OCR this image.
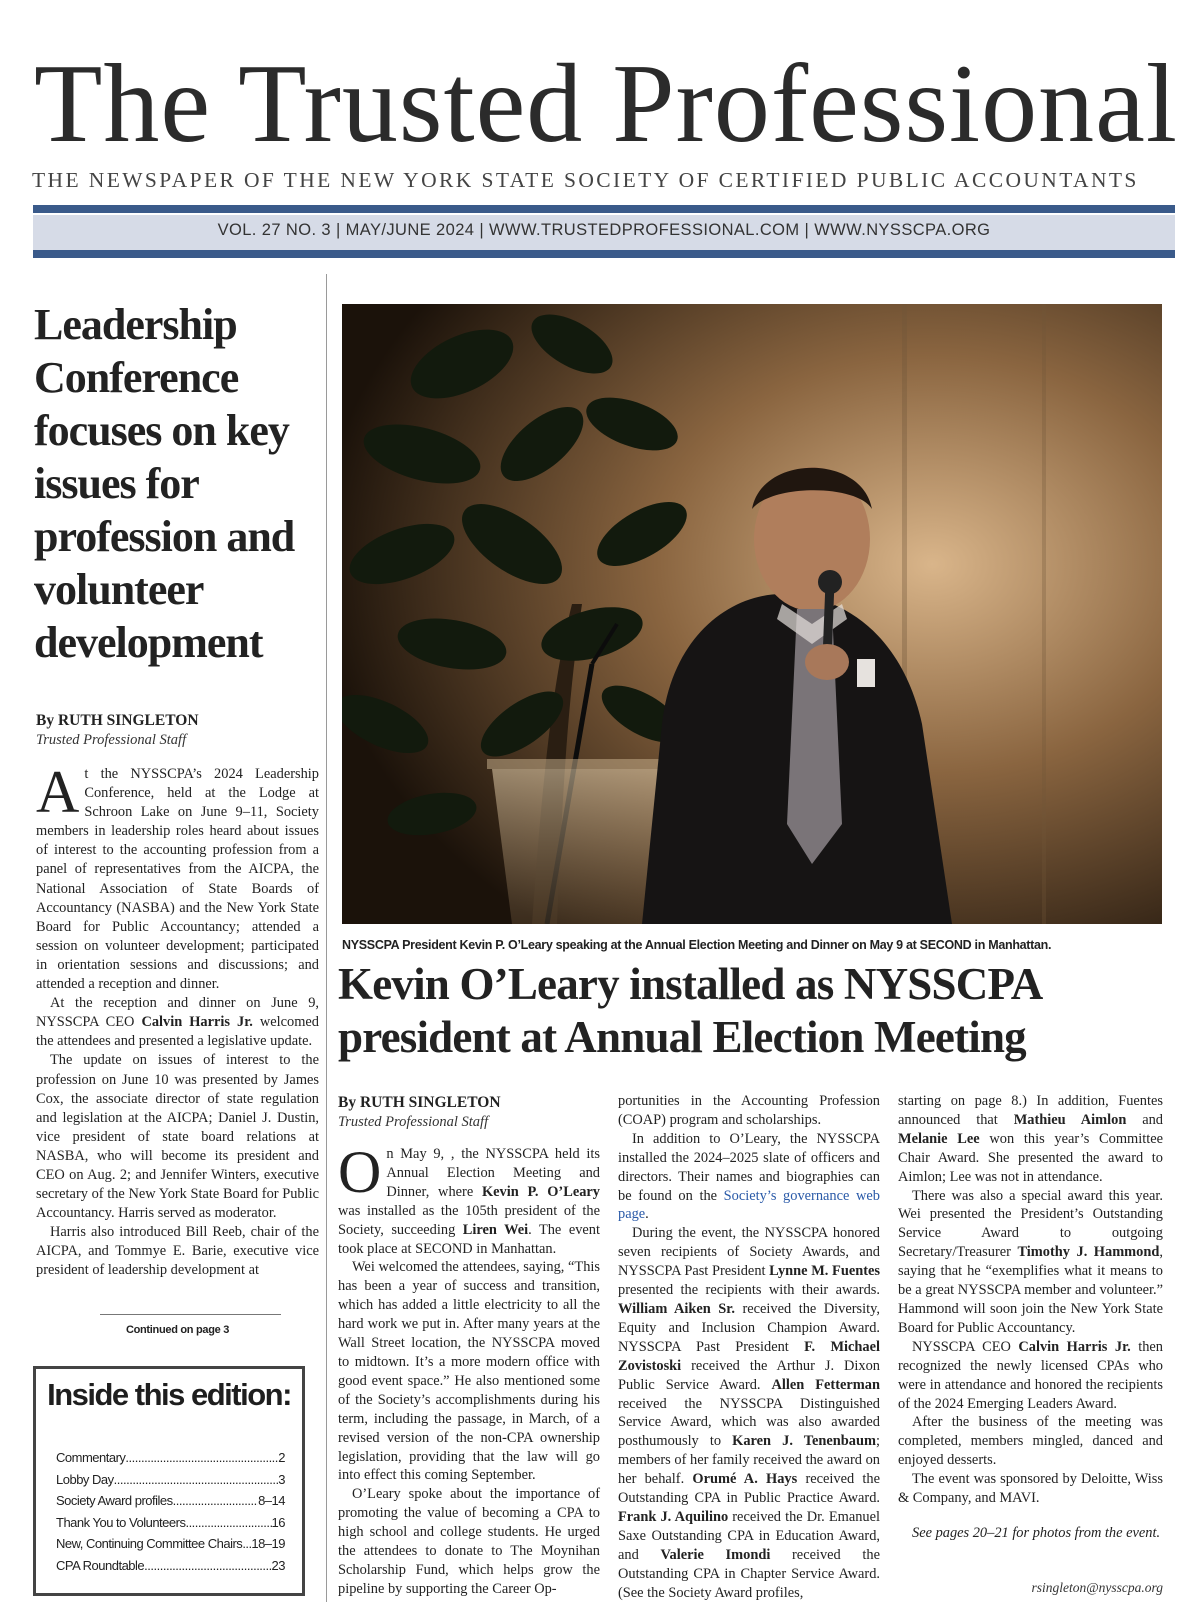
The Trusted Professional
THE NEWSPAPER OF THE NEW YORK STATE SOCIETY OF CERTIFIED PUBLIC ACCOUNTANTS
VOL. 27 NO. 3 | MAY/JUNE 2024 | WWW.TRUSTEDPROFESSIONAL.COM | WWW.NYSSCPA.ORG
Leadership Conference focuses on key issues for profession and volunteer development

By RUTH SINGLETON

Trusted Professional Staff

At the NYSSCPA’s 2024 Leadership Conference, held at the Lodge at Schroon Lake on June 9–11, Society members in leadership roles heard about issues of interest to the accounting profession from a panel of representatives from the AICPA, the National Association of State Boards of Accountancy (NASBA) and the New York State Board for Public Accountancy; attended a session on volunteer development; participated in orientation sessions and discussions; and attended a reception and dinner.

At the reception and dinner on June 9, NYSSCPA CEO Calvin Harris Jr. welcomed the attendees and presented a legislative update.

The update on issues of interest to the profession on June 10 was presented by James Cox, the associate director of state regulation and legislation at the AICPA; Daniel J. Dustin, vice president of state board relations at NASBA, who will become its president and CEO on Aug. 2; and Jennifer Winters, executive secretary of the New York State Board for Public Accountancy. Harris served as moderator.

Harris also introduced Bill Reeb, chair of the AICPA, and Tommye E. Barie, executive vice president of leadership development at

Continued on page 3
Inside this edition:
Commentary .....	2
Lobby Day .....	3
Society Award profiles .....	8–14
Thank You to Volunteers .....	16
New, Continuing Committee Chairs ..... 18–19
CPA Roundtable .....	23
NYSSCPA President Kevin P. O’Leary speaking at the Annual Election Meeting and Dinner on May 9 at SECOND in Manhattan.
Kevin O’Leary installed as NYSSCPA president at Annual Election Meeting

By RUTH SINGLETON

Trusted Professional Staff

On May 9, , the NYSSCPA held its Annual Election Meeting and Dinner, where Kevin P. O’Leary was installed as the 105th president of the Society, succeeding Liren Wei. The event took place at SECOND in Manhattan.

Wei welcomed the attendees, saying, “This has been a year of success and transition, which has added a little electricity to all the hard work we put in. After many years at the Wall Street location, the NYSSCPA moved to midtown. It’s a more modern office with good event space.” He also mentioned some of the Society’s accomplishments during his term, including the passage, in March, of a revised version of the non-CPA ownership legislation, providing that the law will go into effect this coming September.

O’Leary spoke about the importance of promoting the value of becoming a CPA to high school and college students. He urged the attendees to donate to The Moynihan Scholarship Fund, which helps grow the pipeline by supporting the Career Op-

portunities in the Accounting Profession (COAP) program and scholarships.

In addition to O’Leary, the NYSSCPA installed the 2024–2025 slate of officers and directors. Their names and biographies can be found on the Society’s governance web page.

During the event, the NYSSCPA honored seven recipients of Society Awards, and NYSSCPA Past President Lynne M. Fuentes presented the recipients with their awards. William Aiken Sr. received the Diversity, Equity and Inclusion Champion Award. NYSSCPA Past President F. Michael Zovistoski received the Arthur J. Dixon Public Service Award. Allen Fetterman received the NYSSCPA Distinguished Service Award, which was also awarded posthumously to Karen J. Tenenbaum; members of her family received the award on her behalf. Orumé A. Hays received the Outstanding CPA in Public Practice Award. Frank J. Aquilino received the Dr. Emanuel Saxe Outstanding CPA in Education Award, and Valerie Imondi received the Outstanding CPA in Chapter Service Award. (See the Society Award profiles,

starting on page 8.) In addition, Fuentes announced that Mathieu Aimlon and Melanie Lee won this year’s Committee Chair Award. She presented the award to Aimlon; Lee was not in attendance.

There was also a special award this year. Wei presented the President’s Outstanding Service Award to outgoing Secretary/Treasurer Timothy J. Hammond, saying that he “exemplifies what it means to be a great NYSSCPA member and volunteer.” Hammond will soon join the New York State Board for Public Accountancy.

NYSSCPA CEO Calvin Harris Jr. then recognized the newly licensed CPAs who were in attendance and honored the recipients of the 2024 Emerging Leaders Award.

After the business of the meeting was completed, members mingled, danced and enjoyed desserts.

The event was sponsored by Deloitte, Wiss & Company, and MAVI.

See pages 20–21 for photos from the event.

rsingleton@nysscpa.org
